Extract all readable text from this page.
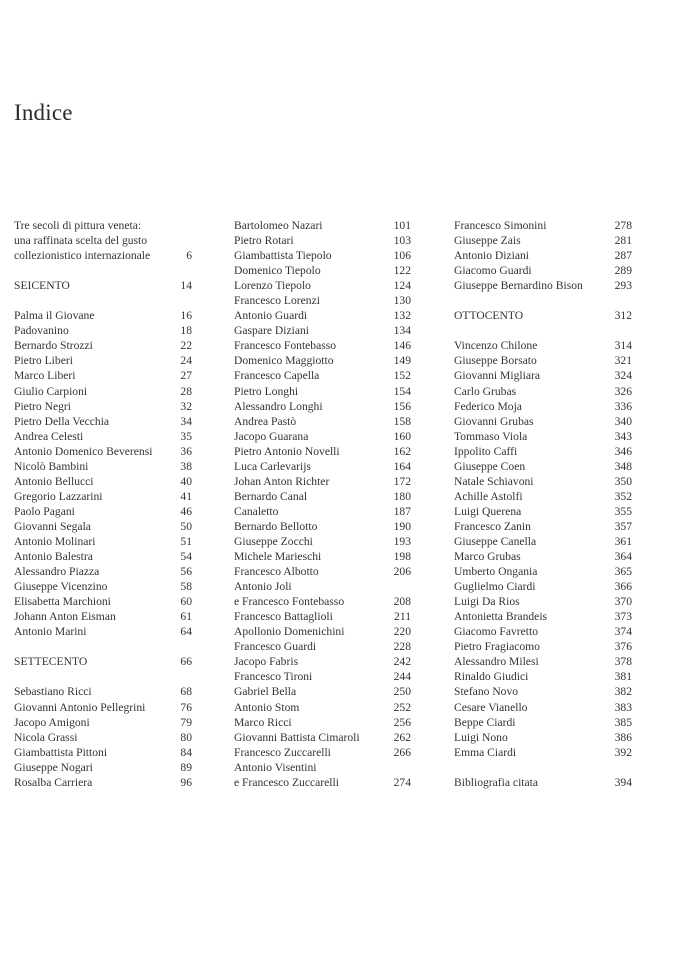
Indice
Tre secoli di pittura veneta:
una raffinata scelta del gusto
collezionistico internazionale	6
SEICENTO	14
Palma il Giovane	16
Padovanino	18
Bernardo Strozzi	22
Pietro Liberi	24
Marco Liberi	27
Giulio Carpioni	28
Pietro Negri	32
Pietro Della Vecchia	34
Andrea Celesti	35
Antonio Domenico Beverensi 36
Nicolò Bambini	38
Antonio Bellucci	40
Gregorio Lazzarini	41
Paolo Pagani	46
Giovanni Segala	50
Antonio Molinari	51
Antonio Balestra	54
Alessandro Piazza	56
Giuseppe Vicenzino	58
Elisabetta Marchioni	60
Johann Anton Eisman	61
Antonio Marini	64
SETTECENTO	66
Sebastiano Ricci	68
Giovanni Antonio Pellegrini	76
Jacopo Amigoni	79
Nicola Grassi	80
Giambattista Pittoni	84
Giuseppe Nogari	89
Rosalba Carriera	96
Bartolomeo Nazari	101
Pietro Rotari	103
Giambattista Tiepolo	106
Domenico Tiepolo	122
Lorenzo Tiepolo	124
Francesco Lorenzi	130
Antonio Guardi	132
Gaspare Diziani	134
Francesco Fontebasso	146
Domenico Maggiotto	149
Francesco Capella	152
Pietro Longhi	154
Alessandro Longhi	156
Andrea Pastò	158
Jacopo Guarana	160
Pietro Antonio Novelli	162
Luca Carlevarijs	164
Johan Anton Richter	172
Bernardo Canal	180
Canaletto	187
Bernardo Bellotto	190
Giuseppe Zocchi	193
Michele Marieschi	198
Francesco Albotto	206
Antonio Joli
e Francesco Fontebasso	208
Francesco Battaglioli	211
Apollonio Domenichini	220
Francesco Guardi	228
Jacopo Fabris	242
Francesco Tironi	244
Gabriel Bella	250
Antonio Stom	252
Marco Ricci	256
Giovanni Battista Cimaroli	262
Francesco Zuccarelli	266
Antonio Visentini
e Francesco Zuccarelli	274
Francesco Simonini	278
Giuseppe Zais	281
Antonio Diziani	287
Giacomo Guardi	289
Giuseppe Bernardino Bison	293
OTTOCENTO	312
Vincenzo Chilone	314
Giuseppe Borsato	321
Giovanni Migliara	324
Carlo Grubas	326
Federico Moja	336
Giovanni Grubas	340
Tommaso Viola	343
Ippolito Caffi	346
Giuseppe Coen	348
Natale Schiavoni	350
Achille Astolfi	352
Luigi Querena	355
Francesco Zanin	357
Giuseppe Canella	361
Marco Grubas	364
Umberto Ongania	365
Guglielmo Ciardi	366
Luigi Da Rios	370
Antonietta Brandeis	373
Giacomo Favretto	374
Pietro Fragiacomo	376
Alessandro Milesi	378
Rinaldo Giudici	381
Stefano Novo	382
Cesare Vianello	383
Beppe Ciardi	385
Luigi Nono	386
Emma Ciardi	392
Bibliografia citata	394
